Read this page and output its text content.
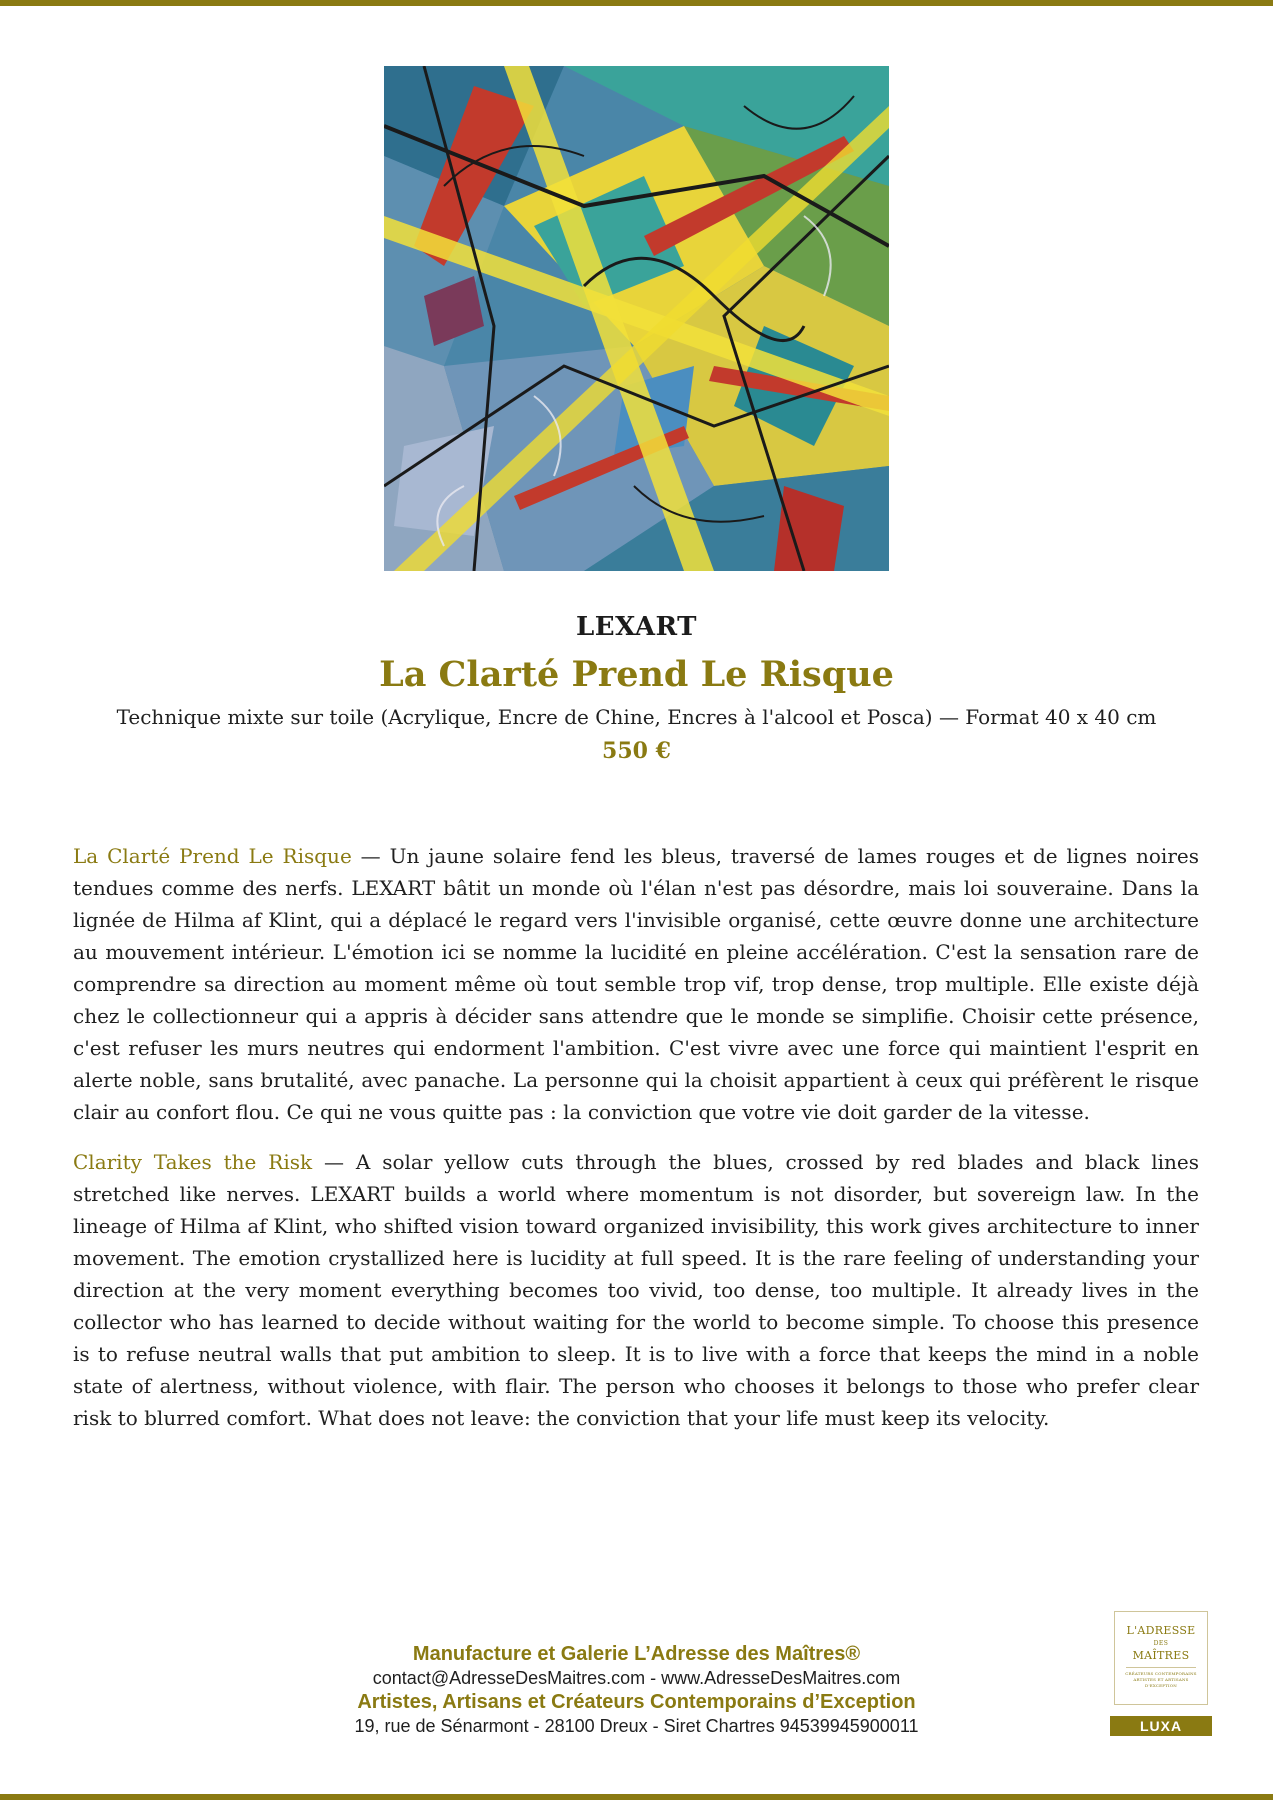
LEXART
La Clarté Prend Le Risque
Technique mixte sur toile (Acrylique, Encre de Chine, Encres à l'alcool et Posca) — Format 40 x 40 cm
550 €

La Clarté Prend Le Risque — Un jaune solaire fend les bleus, traversé de lames rouges et de lignes noires tendues comme des nerfs. LEXART bâtit un monde où l'élan n'est pas désordre, mais loi souveraine. Dans la lignée de Hilma af Klint, qui a déplacé le regard vers l'invisible organisé, cette œuvre donne une architecture au mouvement intérieur. L'émotion ici se nomme la lucidité en pleine accélération. C'est la sensation rare de comprendre sa direction au moment même où tout semble trop vif, trop dense, trop multiple. Elle existe déjà chez le collectionneur qui a appris à décider sans attendre que le monde se simplifie. Choisir cette présence, c'est refuser les murs neutres qui endorment l'ambition. C'est vivre avec une force qui maintient l'esprit en alerte noble, sans brutalité, avec panache. La personne qui la choisit appartient à ceux qui préfèrent le risque clair au confort flou. Ce qui ne vous quitte pas : la conviction que votre vie doit garder de la vitesse.

Clarity Takes the Risk — A solar yellow cuts through the blues, crossed by red blades and black lines stretched like nerves. LEXART builds a world where momentum is not disorder, but sovereign law. In the lineage of Hilma af Klint, who shifted vision toward organized invisibility, this work gives architecture to inner movement. The emotion crystallized here is lucidity at full speed. It is the rare feeling of understanding your direction at the very moment everything becomes too vivid, too dense, too multiple. It already lives in the collector who has learned to decide without waiting for the world to become simple. To choose this presence is to refuse neutral walls that put ambition to sleep. It is to live with a force that keeps the mind in a noble state of alertness, without violence, with flair. The person who chooses it belongs to those who prefer clear risk to blurred comfort. What does not leave: the conviction that your life must keep its velocity.

Manufacture et Galerie L’Adresse des Maîtres®
contact@AdresseDesMaitres.com - www.AdresseDesMaitres.com
Artistes, Artisans et Créateurs Contemporains d’Exception
19, rue de Sénarmont - 28100 Dreux - Siret Chartres 94539945900011
L'ADRESSE
DES
MAÎTRES
CRÉATEURS CONTEMPORAINS ARTISTES ET ARTISANS D'EXCEPTION
LUXA
